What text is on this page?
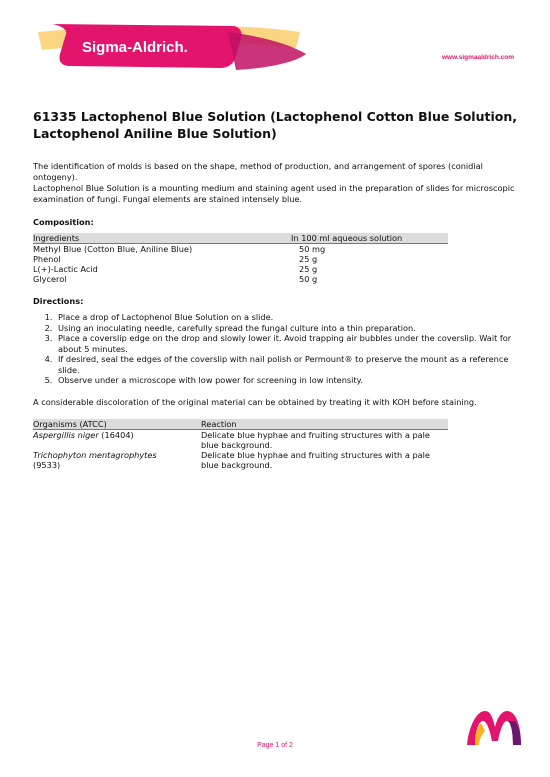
Sigma-Aldrich.
www.sigmaaldrich.com
61335 Lactophenol Blue Solution (Lactophenol Cotton Blue Solution, Lactophenol Aniline Blue Solution)

The identification of molds is based on the shape, method of production, and arrangement of spores (conidial ontogeny).

Lactophenol Blue Solution is a mounting medium and staining agent used in the preparation of slides for microscopic examination of fungi. Fungal elements are stained intensely blue.

Composition:
Ingredients	In 100 ml aqueous solution
Methyl Blue (Cotton Blue, Aniline Blue)	50 mg
Phenol	25 g
L(+)-Lactic Acid	25 g
Glycerol	50 g
Directions:
1. Place a drop of Lactophenol Blue Solution on a slide.
2. Using an inoculating needle, carefully spread the fungal culture into a thin preparation.
3. Place a coverslip edge on the drop and slowly lower it. Avoid trapping air bubbles under the coverslip. Wait for about 5 minutes.
4. If desired, seal the edges of the coverslip with nail polish or Permount® to preserve the mount as a reference slide.
5. Observe under a microscope with low power for screening in low intensity.

A considerable discoloration of the original material can be obtained by treating it with KOH before staining.

Organisms (ATCC)	Reaction
Aspergillis niger (16404)	Delicate blue hyphae and fruiting structures with a pale blue background.
Trichophyton mentagrophytes
(9533)	Delicate blue hyphae and fruiting structures with a pale blue background.
Page 1 of 2
